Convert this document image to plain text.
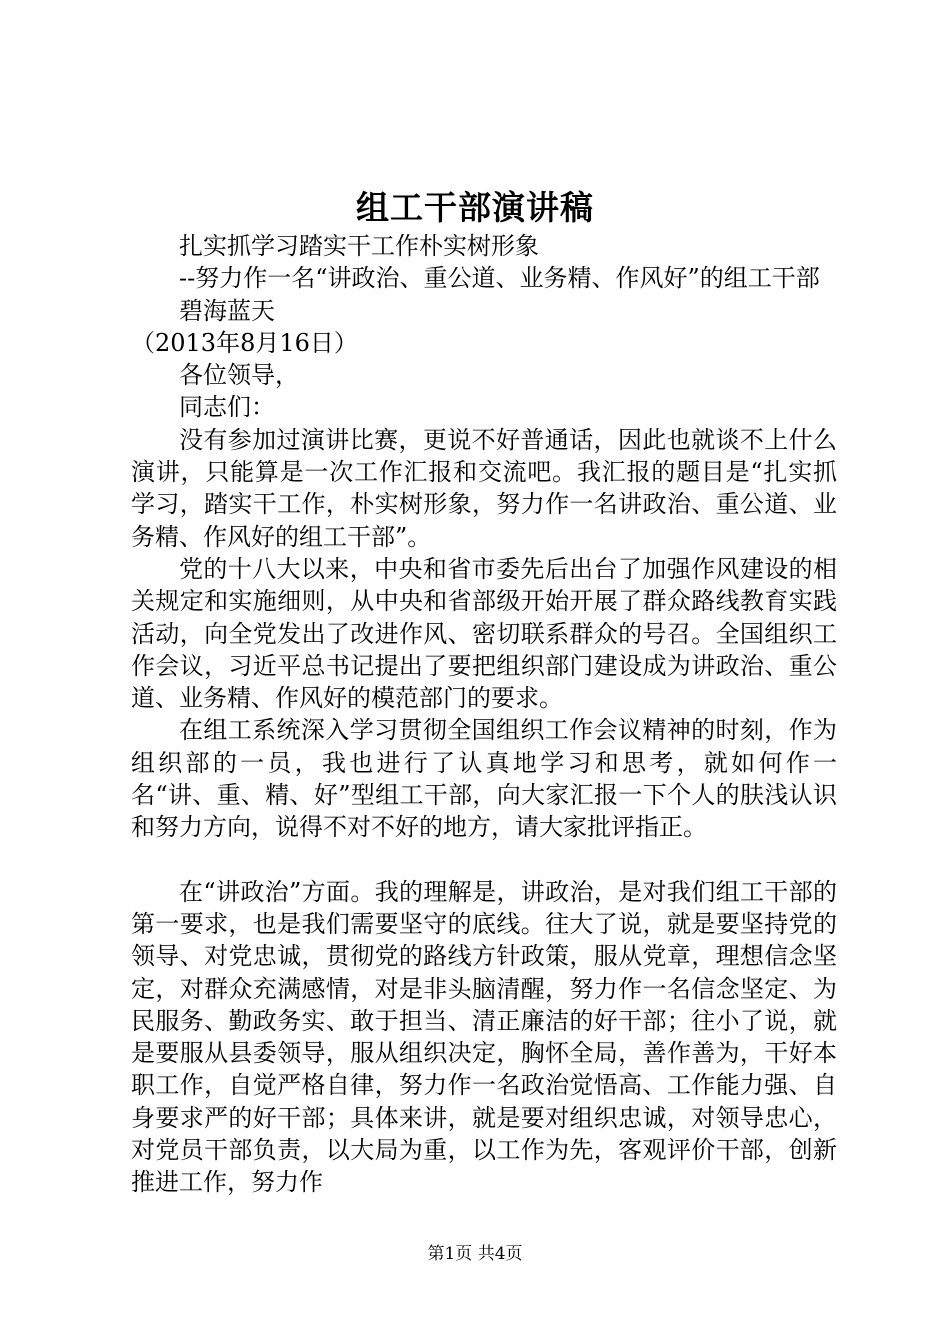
组工干部演讲稿

扎实抓学习踏实干工作朴实树形象

--努力作一名“讲政治、重公道、业务精、作风好”的组工干部

碧海蓝天

（2013年8月16日）

各位领导，

同志们：

没有参加过演讲比赛，更说不好普通话，因此也就谈不上什么演讲，只能算是一次工作汇报和交流吧。我汇报的题目是“扎实抓学习，踏实干工作，朴实树形象，努力作一名讲政治、重公道、业务精、作风好的组工干部”。

党的十八大以来，中央和省市委先后出台了加强作风建设的相关规定和实施细则，从中央和省部级开始开展了群众路线教育实践活动，向全党发出了改进作风、密切联系群众的号召。全国组织工作会议，习近平总书记提出了要把组织部门建设成为讲政治、重公道、业务精、作风好的模范部门的要求。

在组工系统深入学习贯彻全国组织工作会议精神的时刻，作为组织部的一员，我也进行了认真地学习和思考，就如何作一名“讲、重、精、好”型组工干部，向大家汇报一下个人的肤浅认识和努力方向，说得不对不好的地方，请大家批评指正。

在“讲政治”方面。我的理解是，讲政治，是对我们组工干部的第一要求，也是我们需要坚守的底线。往大了说，就是要坚持党的领导、对党忠诚，贯彻党的路线方针政策，服从党章，理想信念坚定，对群众充满感情，对是非头脑清醒，努力作一名信念坚定、为民服务、勤政务实、敢于担当、清正廉洁的好干部；往小了说，就是要服从县委领导，服从组织决定，胸怀全局，善作善为，干好本职工作，自觉严格自律，努力作一名政治觉悟高、工作能力强、自身要求严的好干部；具体来讲，就是要对组织忠诚，对领导忠心，对党员干部负责，以大局为重，以工作为先，客观评价干部，创新推进工作，努力作

第1页 共4页
